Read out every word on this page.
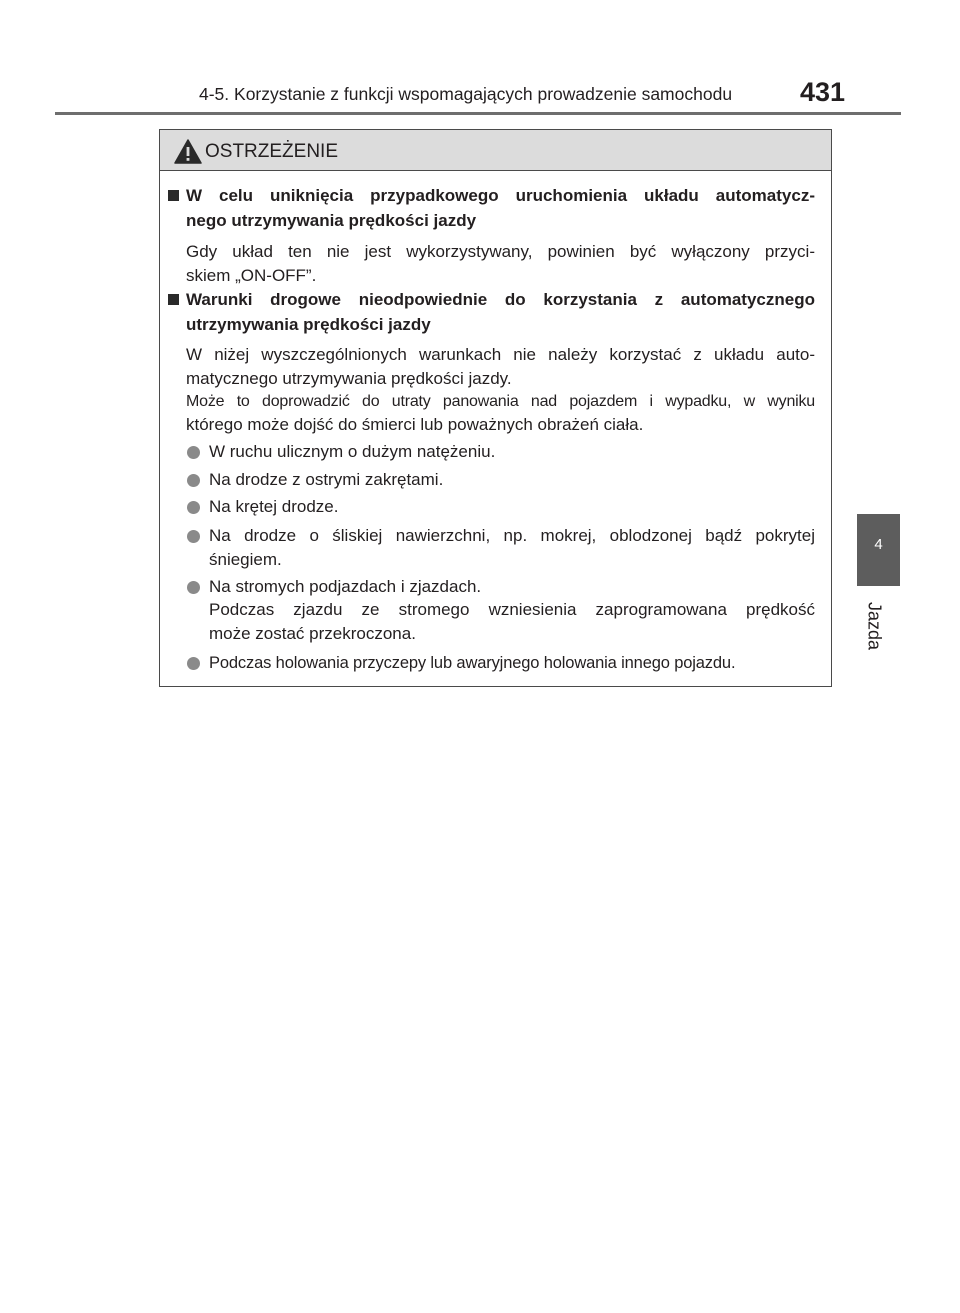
4-5. Korzystanie z funkcji wspomagających prowadzenie samochodu	431
4
Jazda
OSTRZEŻENIE
W celu uniknięcia przypadkowego uruchomienia układu automatycz-
nego utrzymywania prędkości jazdy
Gdy układ ten nie jest wykorzystywany, powinien być wyłączony przyci-
skiem „ON-OFF”.
Warunki drogowe nieodpowiednie do korzystania z automatycznego
utrzymywania prędkości jazdy
W niżej wyszczególnionych warunkach nie należy korzystać z układu auto-
matycznego utrzymywania prędkości jazdy.
Może to doprowadzić do utraty panowania nad pojazdem i wypadku, w wyniku
którego może dojść do śmierci lub poważnych obrażeń ciała.
W ruchu ulicznym o dużym natężeniu.
Na drodze z ostrymi zakrętami.
Na krętej drodze.
Na drodze o śliskiej nawierzchni, np. mokrej, oblodzonej bądź pokrytej
śniegiem.
Na stromych podjazdach i zjazdach.
Podczas zjazdu ze stromego wzniesienia zaprogramowana prędkość
może zostać przekroczona.
Podczas holowania przyczepy lub awaryjnego holowania innego pojazdu.
